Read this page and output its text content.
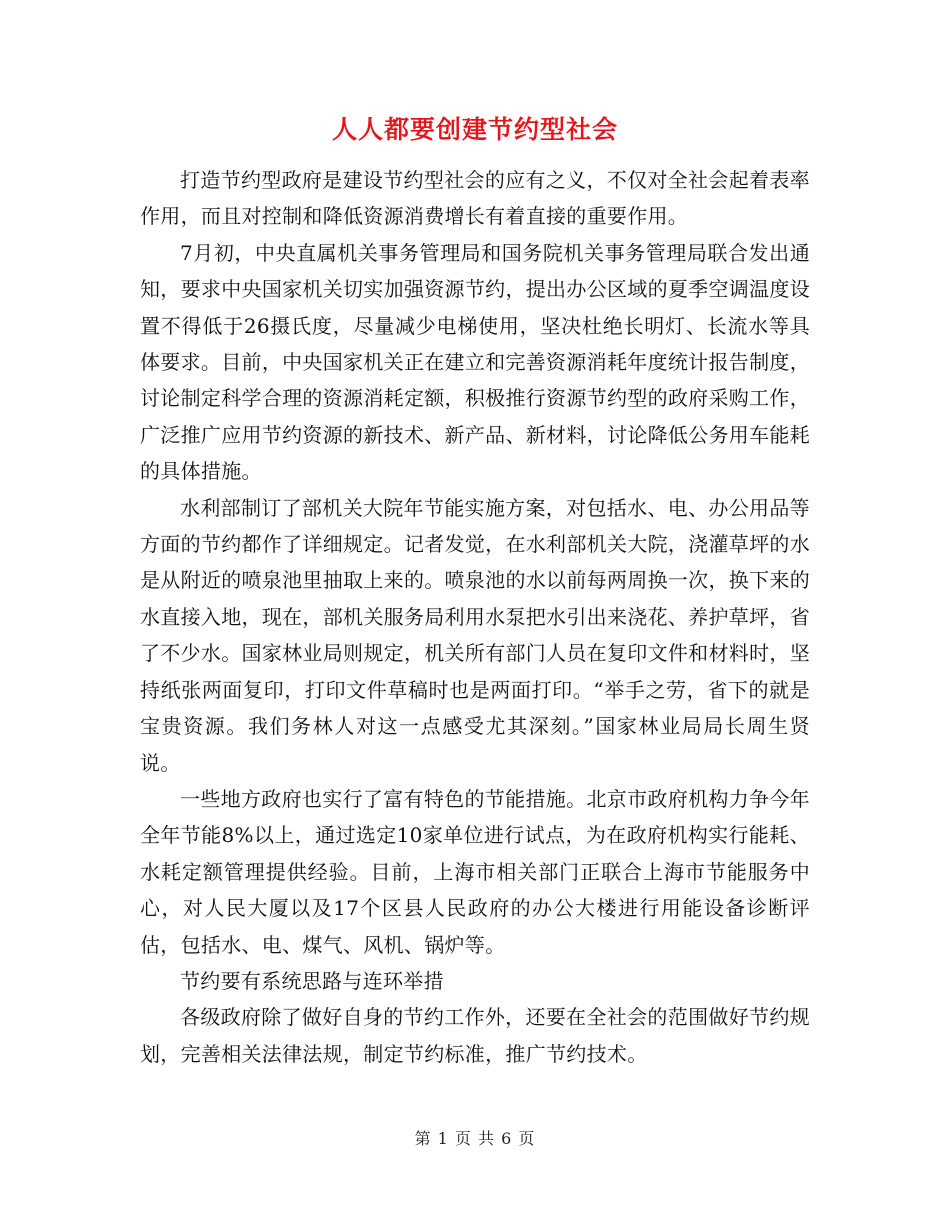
人人都要创建节约型社会

打造节约型政府是建设节约型社会的应有之义，不仅对全社会起着表率作用，而且对控制和降低资源消费增长有着直接的重要作用。

7月初，中央直属机关事务管理局和国务院机关事务管理局联合发出通知，要求中央国家机关切实加强资源节约，提出办公区域的夏季空调温度设置不得低于26摄氏度，尽量减少电梯使用，坚决杜绝长明灯、长流水等具体要求。目前，中央国家机关正在建立和完善资源消耗年度统计报告制度，讨论制定科学合理的资源消耗定额，积极推行资源节约型的政府采购工作，广泛推广应用节约资源的新技术、新产品、新材料，讨论降低公务用车能耗的具体措施。

水利部制订了部机关大院年节能实施方案，对包括水、电、办公用品等方面的节约都作了详细规定。记者发觉，在水利部机关大院，浇灌草坪的水是从附近的喷泉池里抽取上来的。喷泉池的水以前每两周换一次，换下来的水直接入地，现在，部机关服务局利用水泵把水引出来浇花、养护草坪，省了不少水。国家林业局则规定，机关所有部门人员在复印文件和材料时，坚持纸张两面复印，打印文件草稿时也是两面打印。“举手之劳，省下的就是宝贵资源。我们务林人对这一点感受尤其深刻。”国家林业局局长周生贤说。

一些地方政府也实行了富有特色的节能措施。北京市政府机构力争今年全年节能8%以上，通过选定10家单位进行试点，为在政府机构实行能耗、水耗定额管理提供经验。目前，上海市相关部门正联合上海市节能服务中心，对人民大厦以及17个区县人民政府的办公大楼进行用能设备诊断评估，包括水、电、煤气、风机、锅炉等。

节约要有系统思路与连环举措

各级政府除了做好自身的节约工作外，还要在全社会的范围做好节约规划，完善相关法律法规，制定节约标准，推广节约技术。

第 1 页 共 6 页
